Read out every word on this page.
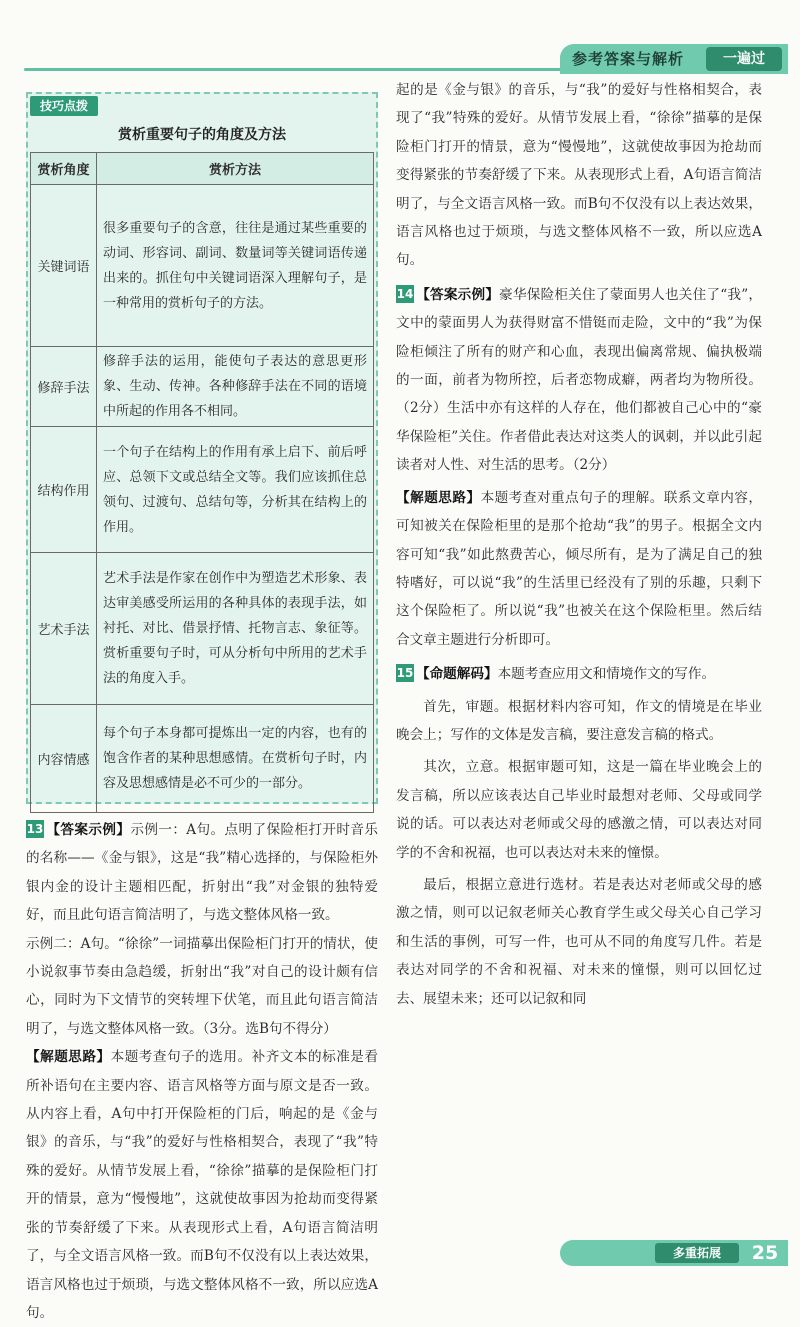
参考答案与解析	一遍过
技巧点拨
赏析重要句子的角度及方法
赏析角度	赏析方法
关键词语	很多重要句子的含意，往往是通过某些重要的动词、形容词、副词、数量词等关键词语传递出来的。抓住句中关键词语深入理解句子，是一种常用的赏析句子的方法。
修辞手法	修辞手法的运用，能使句子表达的意思更形象、生动、传神。各种修辞手法在不同的语境中所起的作用各不相同。
结构作用	一个句子在结构上的作用有承上启下、前后呼应、总领下文或总结全文等。我们应该抓住总领句、过渡句、总结句等，分析其在结构上的作用。
艺术手法	艺术手法是作家在创作中为塑造艺术形象、表达审美感受所运用的各种具体的表现手法，如衬托、对比、借景抒情、托物言志、象征等。赏析重要句子时，可从分析句中所用的艺术手法的角度入手。
内容情感	每个句子本身都可提炼出一定的内容，也有的饱含作者的某种思想感情。在赏析句子时，内容及思想感情是必不可少的一部分。

13 【答案示例】示例一：A句。点明了保险柜打开时音乐的名称——《金与银》，这是“我”精心选择的，与保险柜外银内金的设计主题相匹配，折射出“我”对金银的独特爱好，而且此句语言简洁明了，与选文整体风格一致。

示例二：A句。“徐徐”一词描摹出保险柜门打开的情状，使小说叙事节奏由急趋缓，折射出“我”对自己的设计颇有信心，同时为下文情节的突转埋下伏笔，而且此句语言简洁明了，与选文整体风格一致。（3分。选B句不得分）

【解题思路】本题考查句子的选用。补齐文本的标准是看所补语句在主要内容、语言风格等方面与原文是否一致。从内容上看，A句中打开保险柜的门后，响起的是《金与银》的音乐，与“我”的爱好与性格相契合，表现了“我”特殊的爱好。从情节发展上看，“徐徐”描摹的是保险柜门打开的情景，意为“慢慢地”，这就使故事因为抢劫而变得紧张的节奏舒缓了下来。从表现形式上看，A句语言简洁明了，与全文语言风格一致。而B句不仅没有以上表达效果，语言风格也过于烦琐，与选文整体风格不一致，所以应选A句。

起的是《金与银》的音乐，与“我”的爱好与性格相契合，表现了“我”特殊的爱好。从情节发展上看，“徐徐”描摹的是保险柜门打开的情景，意为“慢慢地”，这就使故事因为抢劫而变得紧张的节奏舒缓了下来。从表现形式上看，A句语言简洁明了，与全文语言风格一致。而B句不仅没有以上表达效果，语言风格也过于烦琐，与选文整体风格不一致，所以应选A句。

14 【答案示例】豪华保险柜关住了蒙面男人也关住了“我”，文中的蒙面男人为获得财富不惜铤而走险，文中的“我”为保险柜倾注了所有的财产和心血，表现出偏离常规、偏执极端的一面，前者为物所控，后者恋物成癖，两者均为物所役。（2分）生活中亦有这样的人存在，他们都被自己心中的“豪华保险柜”关住。作者借此表达对这类人的讽刺，并以此引起读者对人性、对生活的思考。（2分）

【解题思路】本题考查对重点句子的理解。联系文章内容，可知被关在保险柜里的是那个抢劫“我”的男子。根据全文内容可知“我”如此熬费苦心，倾尽所有，是为了满足自己的独特嗜好，可以说“我”的生活里已经没有了别的乐趣，只剩下这个保险柜了。所以说“我”也被关在这个保险柜里。然后结合文章主题进行分析即可。

15 【命题解码】本题考查应用文和情境作文的写作。

首先，审题。根据材料内容可知，作文的情境是在毕业晚会上；写作的文体是发言稿，要注意发言稿的格式。

其次，立意。根据审题可知，这是一篇在毕业晚会上的发言稿，所以应该表达自己毕业时最想对老师、父母或同学说的话。可以表达对老师或父母的感激之情，可以表达对同学的不舍和祝福，也可以表达对未来的憧憬。

最后，根据立意进行选材。若是表达对老师或父母的感激之情，则可以记叙老师关心教育学生或父母关心自己学习和生活的事例，可写一件，也可从不同的角度写几件。若是表达对同学的不舍和祝福、对未来的憧憬，则可以回忆过去、展望未来；还可以记叙和同

多重拓展	25
